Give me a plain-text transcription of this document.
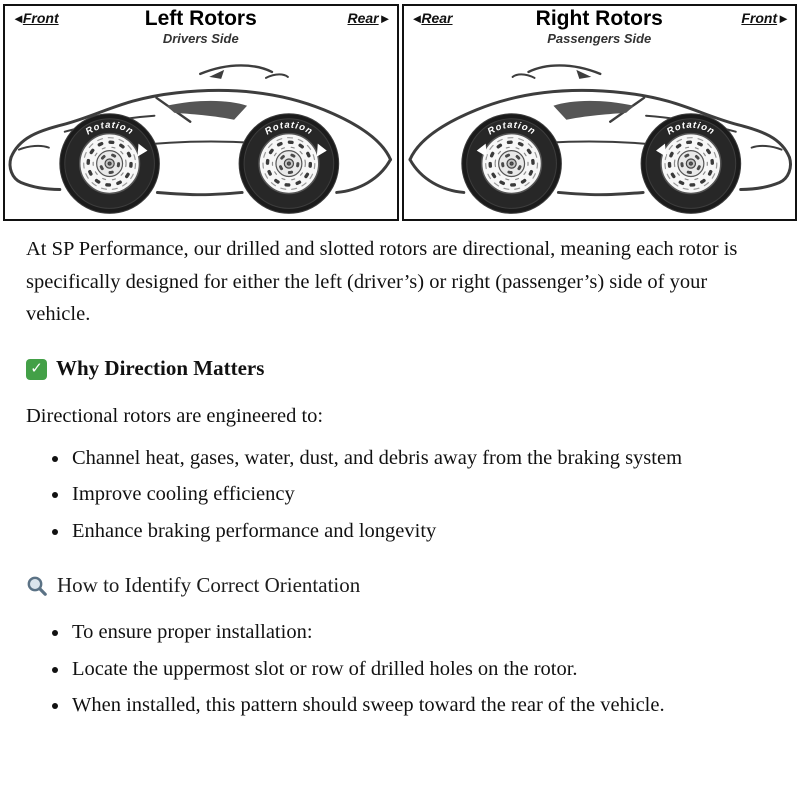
◄Front	Left Rotors
Drivers Side
Rear►
Rotation	Rotation
◄Rear	Right Rotors
Passengers Side
Front►
Rotation	Rotation

At SP Performance, our drilled and slotted rotors are directional, meaning each rotor is specifically designed for either the left (driver’s) or right (passenger’s) side of your vehicle.

✓ Why Direction Matters

Directional rotors are engineered to:

• Channel heat, gases, water, dust, and debris away from the braking system
• Improve cooling efficiency
• Enhance braking performance and longevity
How to Identify Correct Orientation
• To ensure proper installation:
• Locate the uppermost slot or row of drilled holes on the rotor.
• When installed, this pattern should sweep toward the rear of the vehicle.
